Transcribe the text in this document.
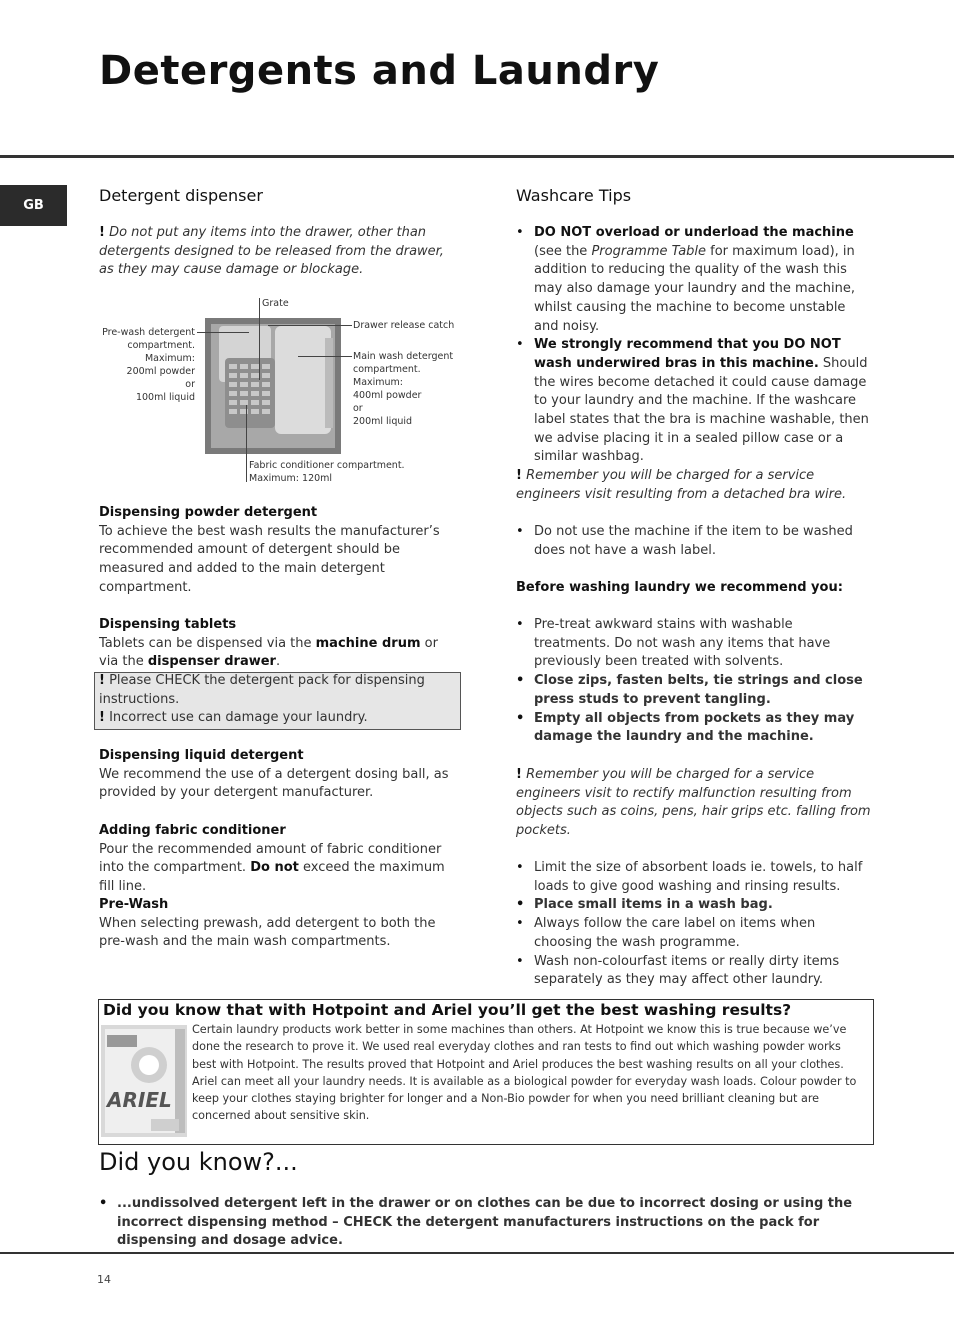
Detergents and Laundry
GB
Detergent dispenser
! Do not put any items into the drawer, other than detergents designed to be released from the drawer, as they may cause damage or blockage.
Grate
Drawer release catch
Pre-wash detergent
compartment.
Maximum:
200ml powder
or
100ml liquid
Main wash detergent
compartment.
Maximum:
400ml powder
or
200ml liquid
Fabric conditioner compartment.
Maximum: 120ml
Dispensing powder detergent
To achieve the best wash results the manufacturer’s recommended amount of detergent should be measured and added to the main detergent compartment.
Dispensing tablets
Tablets can be dispensed via the machine drum or via the dispenser drawer.
! Please CHECK the detergent pack for dispensing instructions.
! Incorrect use can damage your laundry.
Dispensing liquid detergent
We recommend the use of a detergent dosing ball, as provided by your detergent manufacturer.
Adding fabric conditioner
Pour the recommended amount of fabric conditioner into the compartment. Do not exceed the maximum fill line.
Pre-Wash
When selecting prewash, add detergent to both the pre-wash and the main wash compartments.
Washcare Tips
• DO NOT overload or underload the machine (see the Programme Table for maximum load), in addition to reducing the quality of the wash this may also damage your laundry and the machine, whilst causing the machine to become unstable and noisy.
• We strongly recommend that you DO NOT wash underwired bras in this machine. Should the wires become detached it could cause damage to your laundry and the machine. If the washcare label states that the bra is machine washable, then we advise placing it in a sealed pillow case or a similar washbag.
! Remember you will be charged for a service engineers visit resulting from a detached bra wire.
• Do not use the machine if the item to be washed does not have a wash label.
Before washing laundry we recommend you:
• Pre-treat awkward stains with washable treatments. Do not wash any items that have previously been treated with solvents.
• Close zips, fasten belts, tie strings and close press studs to prevent tangling.
• Empty all objects from pockets as they may damage the laundry and the machine.
! Remember you will be charged for a service engineers visit to rectify malfunction resulting from objects such as coins, pens, hair grips etc. falling from pockets.
• Limit the size of absorbent loads ie. towels, to half loads to give good washing and rinsing results.
• Place small items in a wash bag.
• Always follow the care label on items when choosing the wash programme.
• Wash non-colourfast items or really dirty items separately as they may affect other laundry.
Did you know that with Hotpoint and Ariel you’ll get the best washing results?
ARIEL
Certain laundry products work better in some machines than others. At Hotpoint we know this is true because we’ve done the research to prove it. We used real everyday clothes and ran tests to find out which washing powder works best with Hotpoint. The results proved that Hotpoint and Ariel produces the best washing results on all your clothes.
Ariel can meet all your laundry needs. It is available as a biological powder for everyday wash loads. Colour powder to keep your clothes staying brighter for longer and a Non-Bio powder for when you need brilliant cleaning but are concerned about sensitive skin.
Did you know?...
• ...undissolved detergent left in the drawer or on clothes can be due to incorrect dosing or using the incorrect dispensing method – CHECK the detergent manufacturers instructions on the pack for dispensing and dosage advice.
14
